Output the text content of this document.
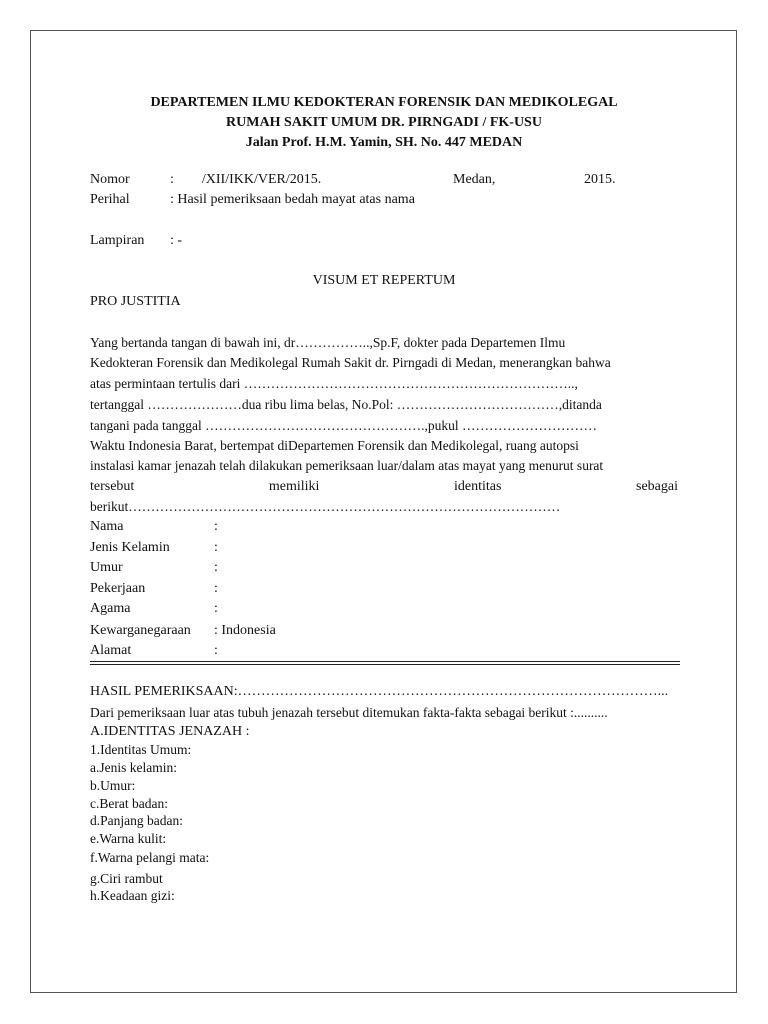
DEPARTEMEN ILMU KEDOKTERAN FORENSIK DAN MEDIKOLEGAL
RUMAH SAKIT UMUM DR. PIRNGADI / FK-USU
Jalan Prof. H.M. Yamin, SH. No. 447 MEDAN
Nomor	:        /XII/IKK/VER/2015.	Medan,	2015.
Perihal	: Hasil pemeriksaan bedah mayat atas nama
Lampiran : -
VISUM ET REPERTUM
PRO JUSTITIA
Yang bertanda tangan di bawah ini, dr……………..,Sp.F, dokter pada Departemen Ilmu
Kedokteran Forensik dan Medikolegal Rumah Sakit dr. Pirngadi di Medan, menerangkan bahwa
atas permintaan tertulis dari ………………………………………………………………..,
tertanggal …………………dua ribu lima belas, No.Pol: ………………………………,ditanda
tangani pada tanggal ………………………………………….,pukul …………………………
Waktu Indonesia Barat, bertempat diDepartemen Forensik dan Medikolegal, ruang autopsi
instalasi kamar jenazah telah dilakukan pemeriksaan luar/dalam atas mayat yang menurut surat
tersebut	memiliki	identitas	sebagai
berikut……………………………………………………………………………………
Nama	:
Jenis Kelamin	:
Umur	:
Pekerjaan	:
Agama	:
Kewarganegaraan : Indonesia
Alamat	:
HASIL PEMERIKSAAN:………………………………………………………………………………...
Dari pemeriksaan luar atas tubuh jenazah tersebut ditemukan fakta-fakta sebagai berikut :..........
A.IDENTITAS JENAZAH :
1.Identitas Umum:
a.Jenis kelamin:
b.Umur:
c.Berat badan:
d.Panjang badan:
e.Warna kulit:
f.Warna pelangi mata:
g.Ciri rambut
h.Keadaan gizi:
